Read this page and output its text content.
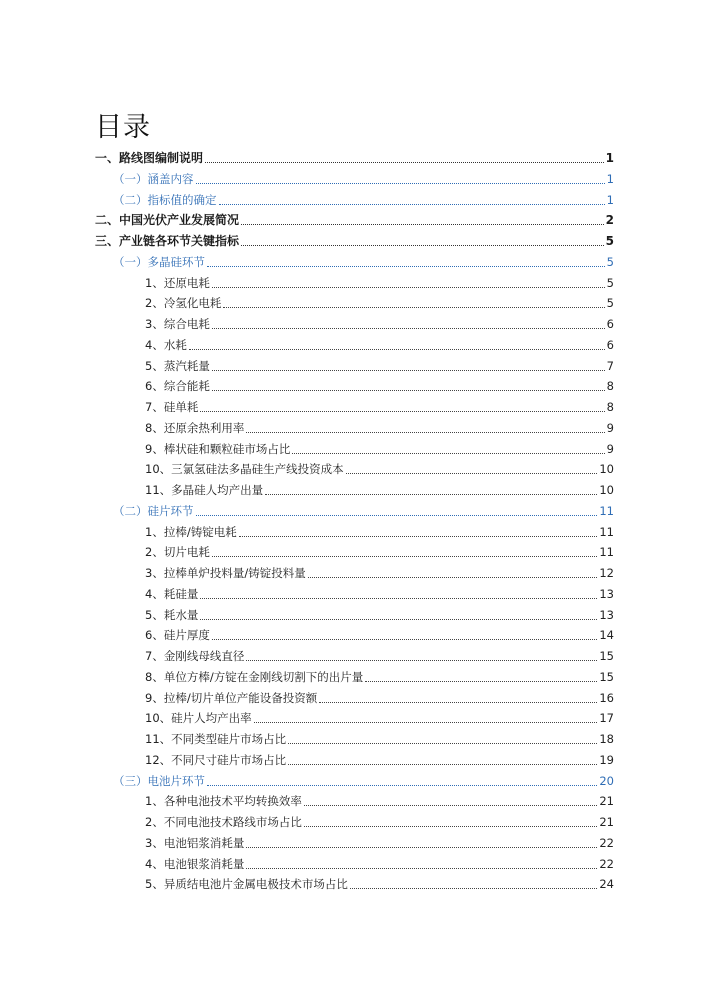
目录
一、路线图编制说明	1
（一）涵盖内容	1
（二）指标值的确定	1
二、中国光伏产业发展简况	2
三、产业链各环节关键指标	5
（一）多晶硅环节	5
1、还原电耗	5
2、冷氢化电耗	5
3、综合电耗	6
4、水耗	6
5、蒸汽耗量	7
6、综合能耗	8
7、硅单耗	8
8、还原余热利用率	9
9、棒状硅和颗粒硅市场占比	9
10、三氯氢硅法多晶硅生产线投资成本	10
11、多晶硅人均产出量	10
（二）硅片环节	11
1、拉棒/铸锭电耗	11
2、切片电耗	11
3、拉棒单炉投料量/铸锭投料量	12
4、耗硅量	13
5、耗水量	13
6、硅片厚度	14
7、金刚线母线直径	15
8、单位方棒/方锭在金刚线切割下的出片量	15
9、拉棒/切片单位产能设备投资额	16
10、硅片人均产出率	17
11、不同类型硅片市场占比	18
12、不同尺寸硅片市场占比	19
（三）电池片环节	20
1、各种电池技术平均转换效率	21
2、不同电池技术路线市场占比	21
3、电池铝浆消耗量	22
4、电池银浆消耗量	22
5、异质结电池片金属电极技术市场占比	24
